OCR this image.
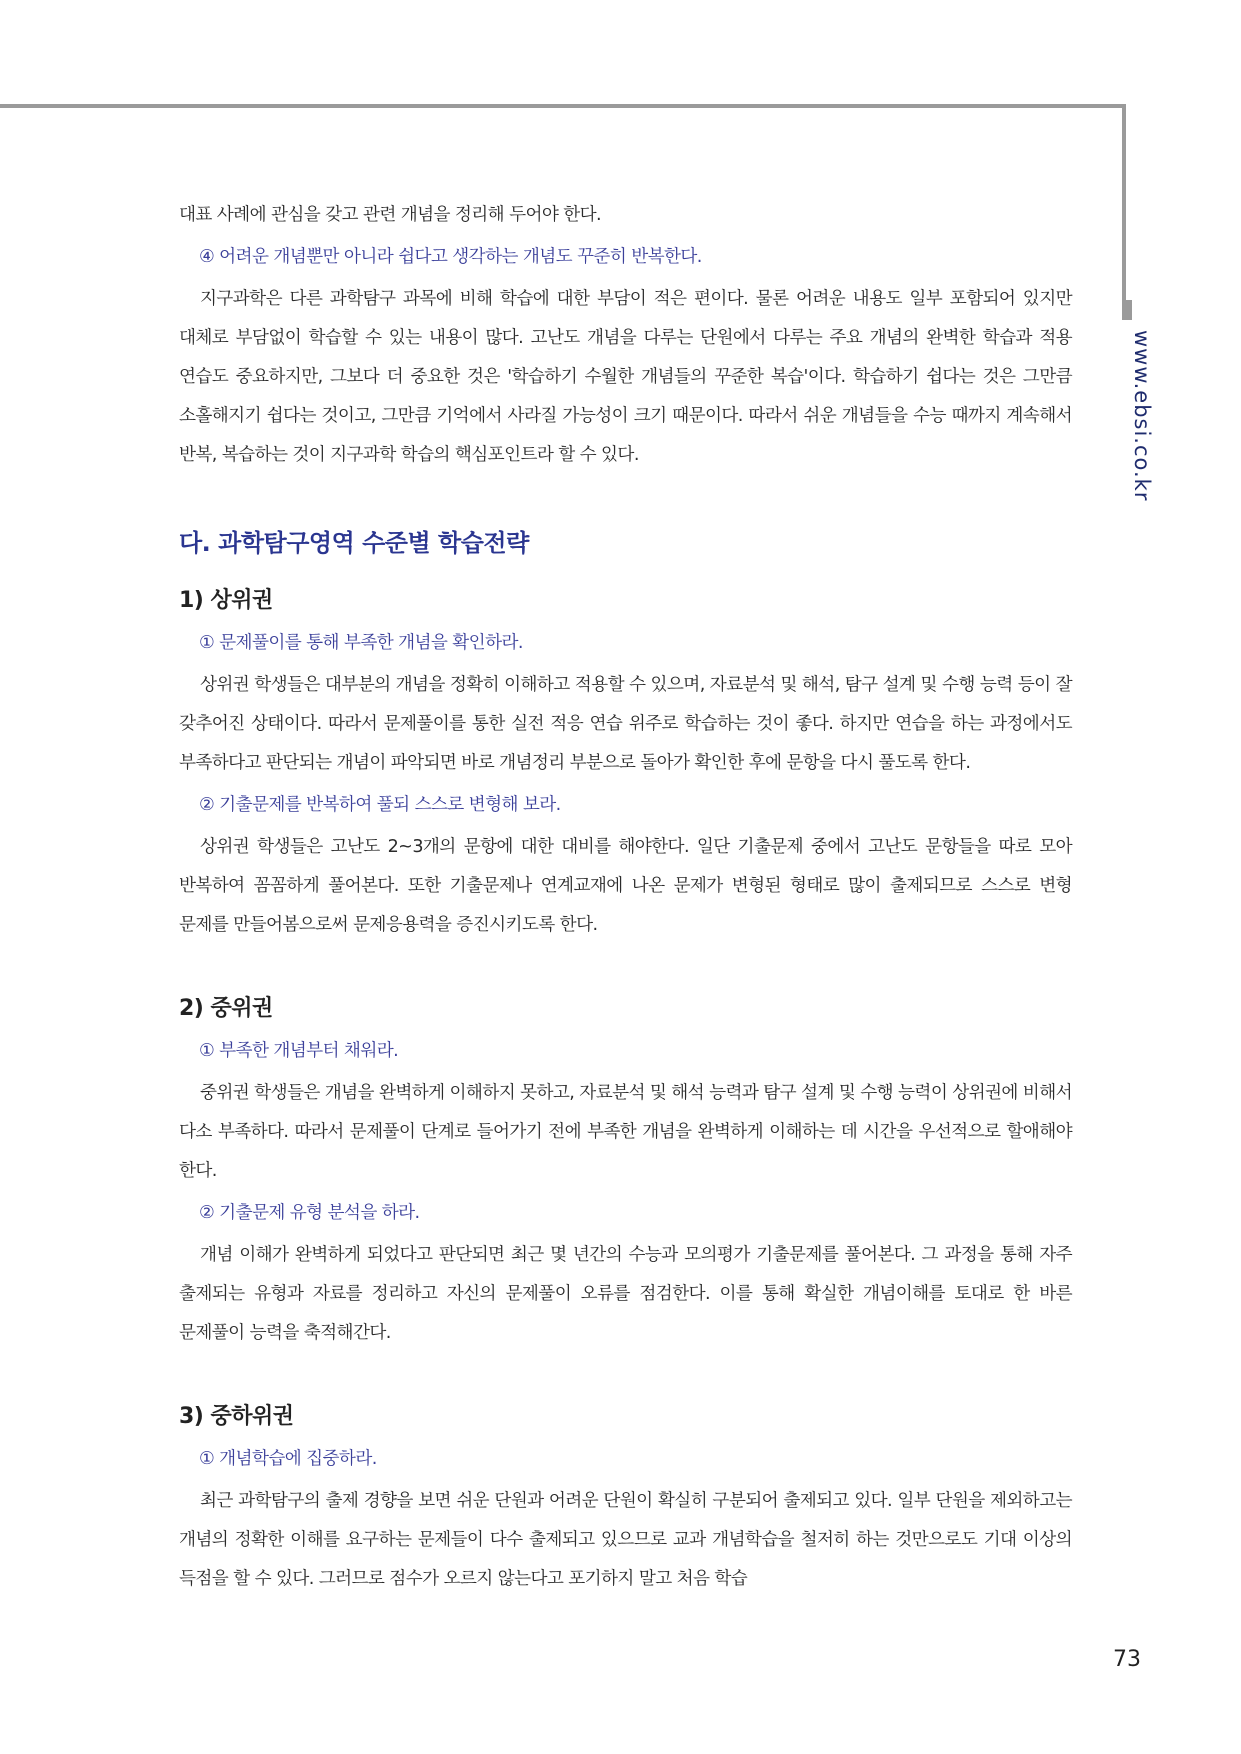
www.ebsi.co.kr

대표 사례에 관심을 갖고 관련 개념을 정리해 두어야 한다.

④ 어려운 개념뿐만 아니라 쉽다고 생각하는 개념도 꾸준히 반복한다.

지구과학은 다른 과학탐구 과목에 비해 학습에 대한 부담이 적은 편이다. 물론 어려운 내용도 일부 포함되어 있지만 대체로 부담없이 학습할 수 있는 내용이 많다. 고난도 개념을 다루는 단원에서 다루는 주요 개념의 완벽한 학습과 적용 연습도 중요하지만, 그보다 더 중요한 것은 '학습하기 수월한 개념들의 꾸준한 복습'이다. 학습하기 쉽다는 것은 그만큼 소홀해지기 쉽다는 것이고, 그만큼 기억에서 사라질 가능성이 크기 때문이다. 따라서 쉬운 개념들을 수능 때까지 계속해서 반복, 복습하는 것이 지구과학 학습의 핵심포인트라 할 수 있다.

다. 과학탐구영역 수준별 학습전략
1) 상위권

① 문제풀이를 통해 부족한 개념을 확인하라.

상위권 학생들은 대부분의 개념을 정확히 이해하고 적용할 수 있으며, 자료분석 및 해석, 탐구 설계 및 수행 능력 등이 잘 갖추어진 상태이다. 따라서 문제풀이를 통한 실전 적응 연습 위주로 학습하는 것이 좋다. 하지만 연습을 하는 과정에서도 부족하다고 판단되는 개념이 파악되면 바로 개념정리 부분으로 돌아가 확인한 후에 문항을 다시 풀도록 한다.

② 기출문제를 반복하여 풀되 스스로 변형해 보라.

상위권 학생들은 고난도 2~3개의 문항에 대한 대비를 해야한다. 일단 기출문제 중에서 고난도 문항들을 따로 모아 반복하여 꼼꼼하게 풀어본다. 또한 기출문제나 연계교재에 나온 문제가 변형된 형태로 많이 출제되므로 스스로 변형 문제를 만들어봄으로써 문제응용력을 증진시키도록 한다.

2) 중위권

① 부족한 개념부터 채워라.

중위권 학생들은 개념을 완벽하게 이해하지 못하고, 자료분석 및 해석 능력과 탐구 설계 및 수행 능력이 상위권에 비해서 다소 부족하다. 따라서 문제풀이 단계로 들어가기 전에 부족한 개념을 완벽하게 이해하는 데 시간을 우선적으로 할애해야 한다.

② 기출문제 유형 분석을 하라.

개념 이해가 완벽하게 되었다고 판단되면 최근 몇 년간의 수능과 모의평가 기출문제를 풀어본다. 그 과정을 통해 자주 출제되는 유형과 자료를 정리하고 자신의 문제풀이 오류를 점검한다. 이를 통해 확실한 개념이해를 토대로 한 바른 문제풀이 능력을 축적해간다.

3) 중하위권

① 개념학습에 집중하라.

최근 과학탐구의 출제 경향을 보면 쉬운 단원과 어려운 단원이 확실히 구분되어 출제되고 있다. 일부 단원을 제외하고는 개념의 정확한 이해를 요구하는 문제들이 다수 출제되고 있으므로 교과 개념학습을 철저히 하는 것만으로도 기대 이상의 득점을 할 수 있다. 그러므로 점수가 오르지 않는다고 포기하지 말고 처음 학습

73
